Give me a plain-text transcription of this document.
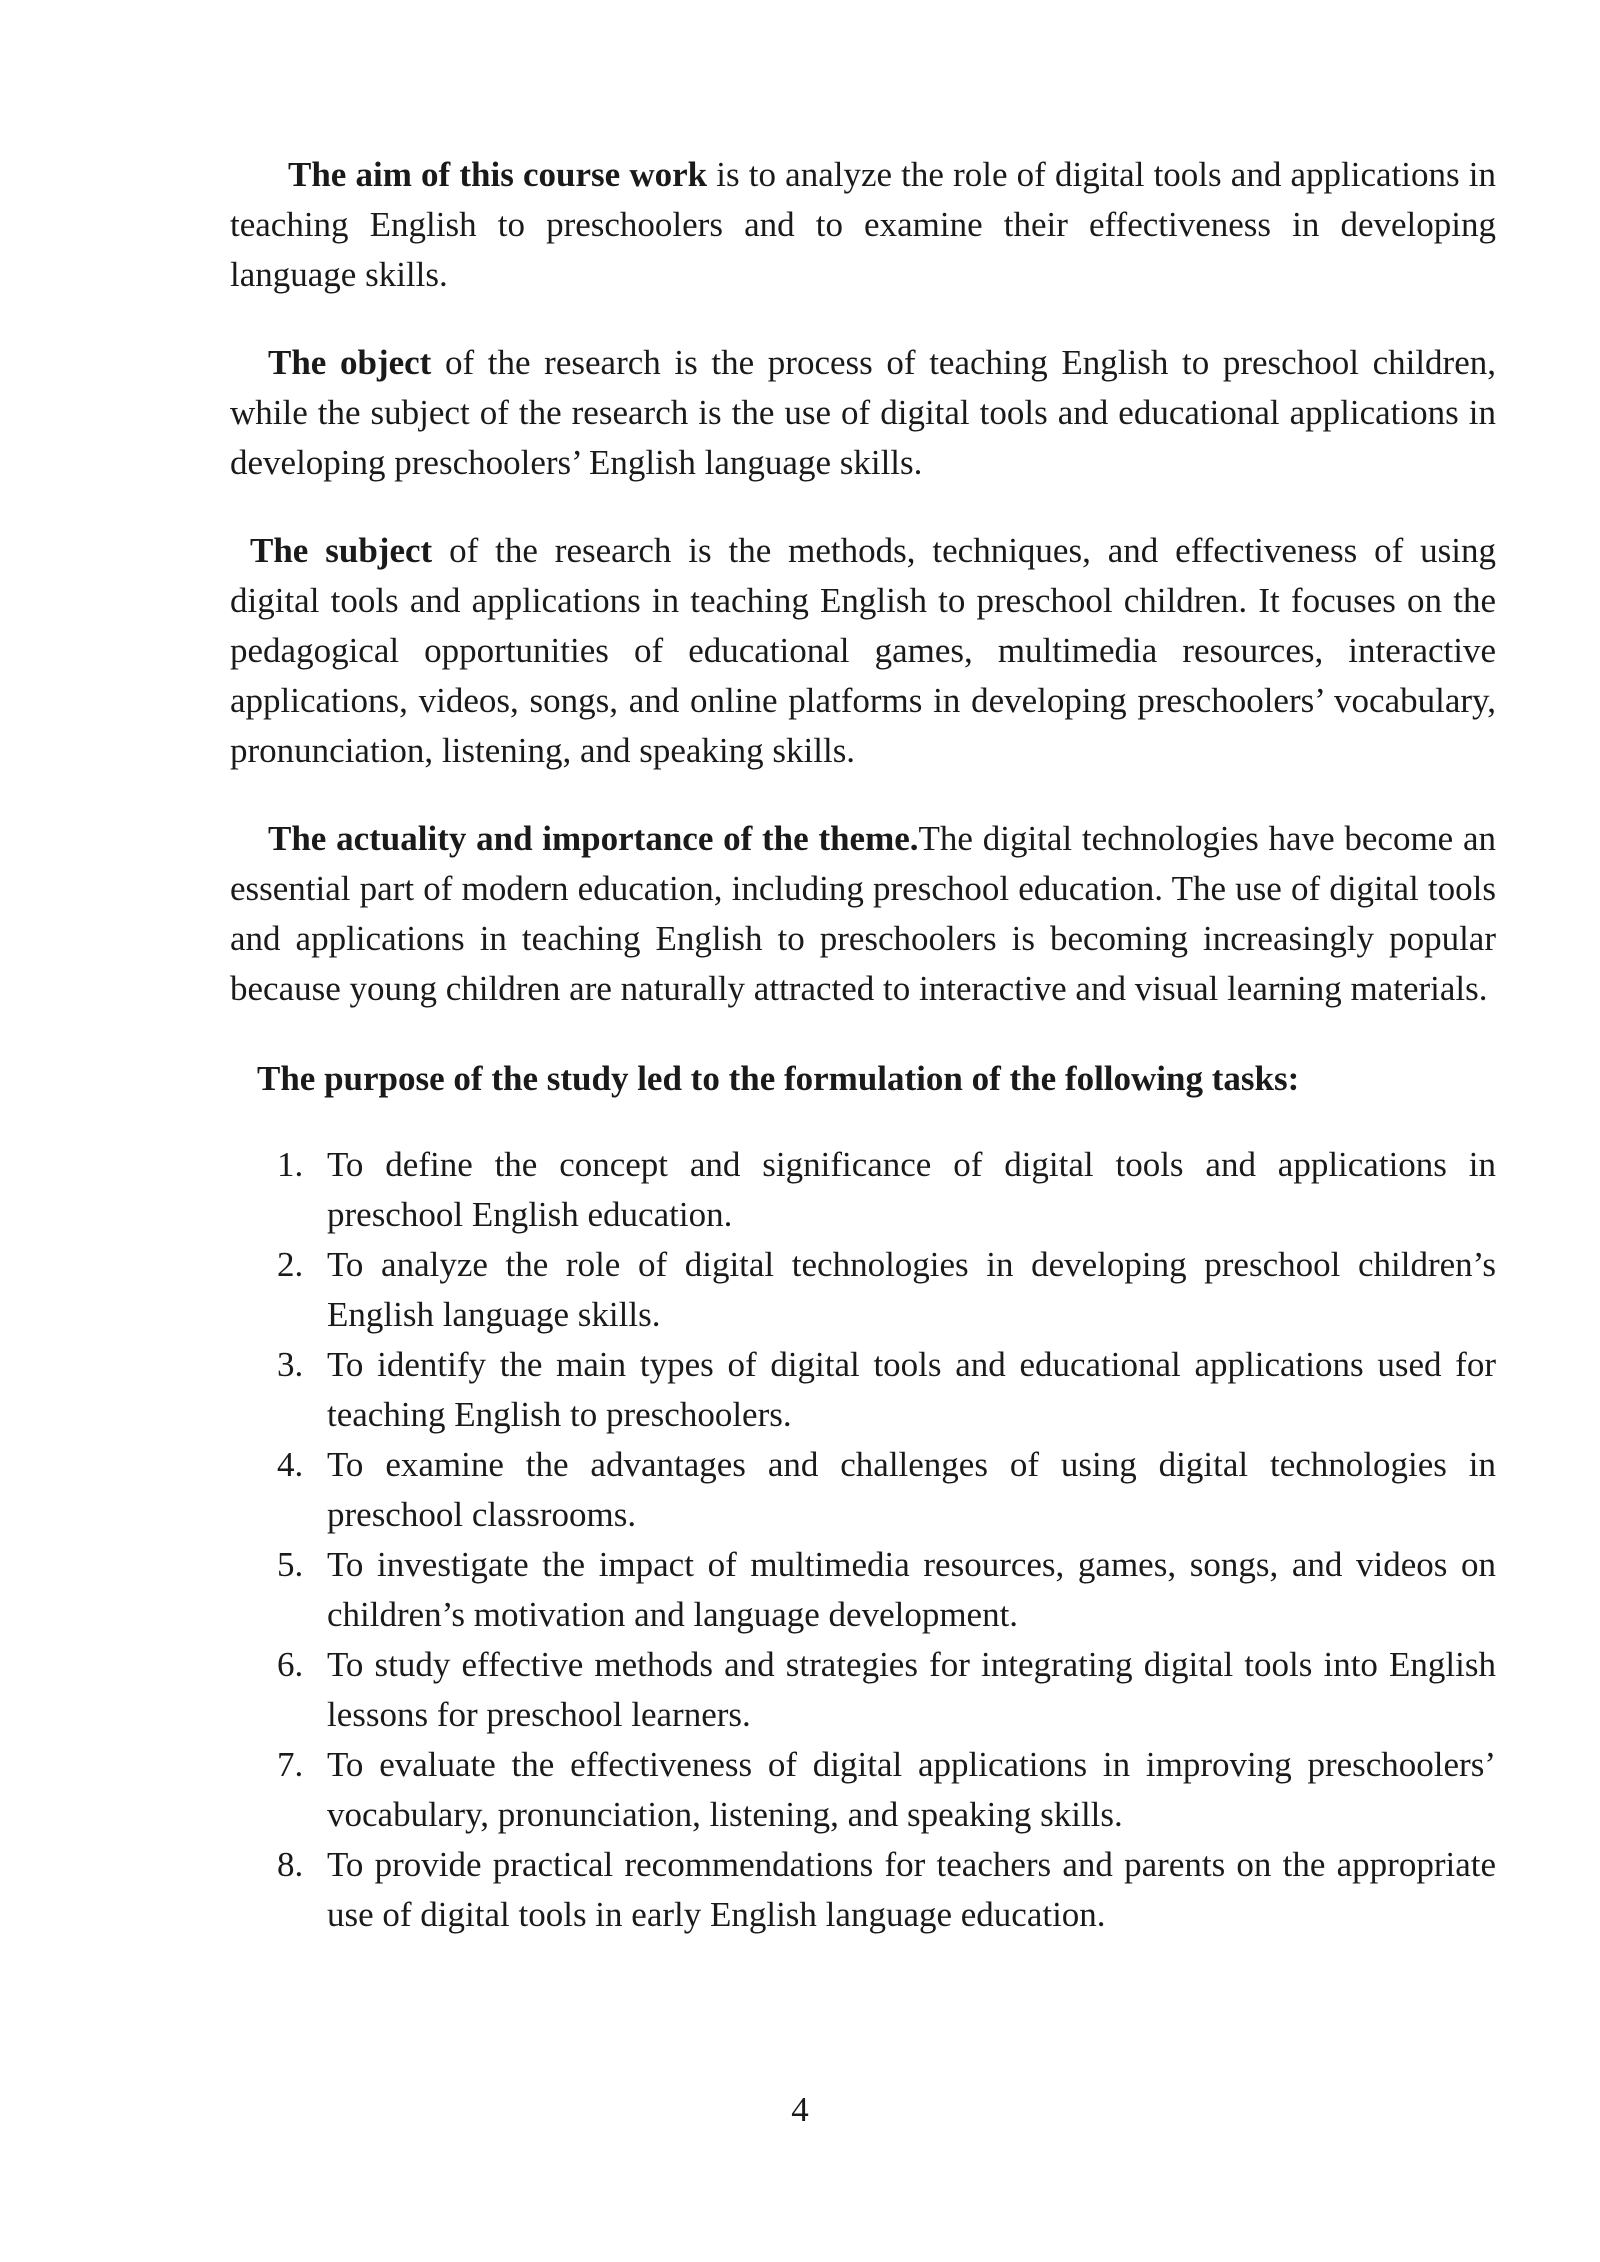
The aim of this course work is to analyze the role of digital tools and applications in teaching English to preschoolers and to examine their effectiveness in developing language skills.

The object of the research is the process of teaching English to preschool children, while the subject of the research is the use of digital tools and educational applications in developing preschoolers’ English language skills.

The subject of the research is the methods, techniques, and effectiveness of using digital tools and applications in teaching English to preschool children. It focuses on the pedagogical opportunities of educational games, multimedia resources, interactive applications, videos, songs, and online platforms in developing preschoolers’ vocabulary, pronunciation, listening, and speaking skills.

The actuality and importance of the theme.The digital technologies have become an essential part of modern education, including preschool education. The use of digital tools and applications in teaching English to preschoolers is becoming increasingly popular because young children are naturally attracted to interactive and visual learning materials.

The purpose of the study led to the formulation of the following tasks:

1. To define the concept and significance of digital tools and applications in preschool English education.
2. To analyze the role of digital technologies in developing preschool children’s English language skills.
3. To identify the main types of digital tools and educational applications used for teaching English to preschoolers.
4. To examine the advantages and challenges of using digital technologies in preschool classrooms.
5. To investigate the impact of multimedia resources, games, songs, and videos on children’s motivation and language development.
6. To study effective methods and strategies for integrating digital tools into English lessons for preschool learners.
7. To evaluate the effectiveness of digital applications in improving preschoolers’ vocabulary, pronunciation, listening, and speaking skills.
8. To provide practical recommendations for teachers and parents on the appropriate use of digital tools in early English language education.
4
